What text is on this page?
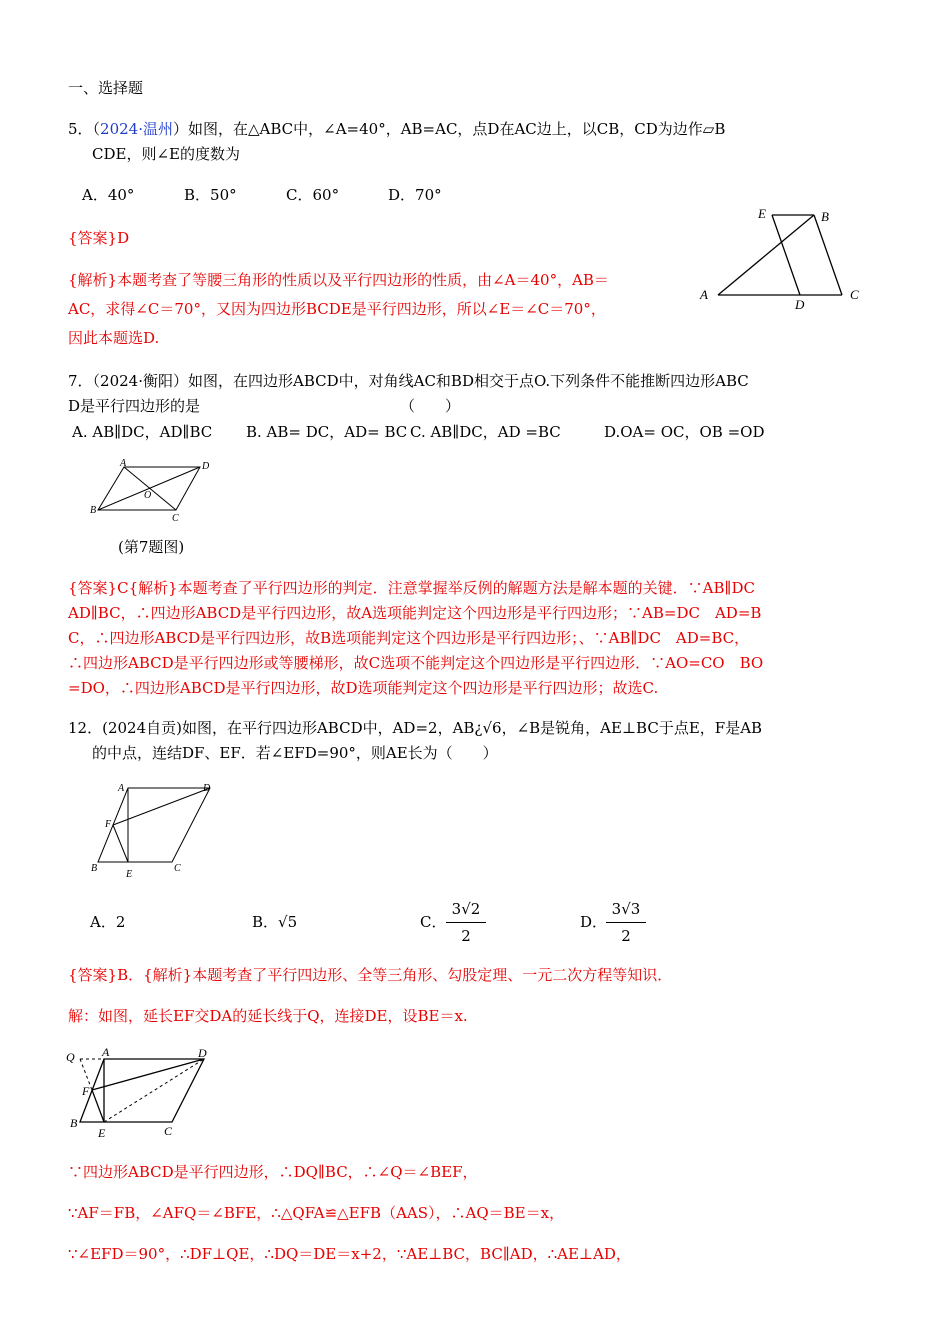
一、选择题
5．（2024·温州）如图，在△ABC中，∠A=40°，AB=AC，点D在AC边上，以CB，CD为边作▱B
CDE，则∠E的度数为
A．40°	B．50°	C．60°	D．70°
{答案}D
{解析}本题考查了等腰三角形的性质以及平行四边形的性质，由∠A＝40°，AB＝
AC，求得∠C＝70°，又因为四边形BCDE是平行四边形，所以∠E＝∠C＝70°，
因此本题选D.
E	B
A
D
C
7．（2024·衡阳）如图，在四边形ABCD中，对角线AC和BD相交于点O.下列条件不能推断四边形ABC
D是平行四边形的是	（　　）
A. AB∥DC，AD∥BC B. AB= DC，AD= BC C. AB∥DC，AD =BC	D.OA= OC，OB =OD
A	D
O
B
C
(第7题图)
{答案}C{解析}本题考查了平行四边形的判定．注意掌握举反例的解题方法是解本题的关键．∵AB∥DC
AD∥BC，∴四边形ABCD是平行四边形，故A选项能判定这个四边形是平行四边形；∵AB=DC　AD=B
C，∴四边形ABCD是平行四边形，故B选项能判定这个四边形是平行四边形；、∵AB∥DC　AD=BC，
∴四边形ABCD是平行四边形或等腰梯形，故C选项不能判定这个四边形是平行四边形．∵AO=CO　BO
=DO，∴四边形ABCD是平行四边形，故D选项能判定这个四边形是平行四边形；故选C.
12．(2024自贡)如图，在平行四边形ABCD中，AD=2，AB¿√6，∠B是锐角，AE⊥BC于点E，F是AB
的中点，连结DF、EF．若∠EFD=90°，则AE长为（　　）
A	D
F
B
E
C
A．2	B．√5	C．
3√2
2
D．
3√3
2
{答案}B．{解析}本题考查了平行四边形、全等三角形、勾股定理、一元二次方程等知识．
解：如图，延长EF交DA的延长线于Q，连接DE，设BE＝x.
Q A	D
F
B
E	C
∵四边形ABCD是平行四边形，∴DQ∥BC，∴∠Q＝∠BEF，
∵AF＝FB，∠AFQ＝∠BFE，∴△QFA≌△EFB（AAS），∴AQ＝BE＝x，
∵∠EFD＝90°，∴DF⊥QE，∴DQ＝DE＝x+2，∵AE⊥BC，BC∥AD，∴AE⊥AD，
